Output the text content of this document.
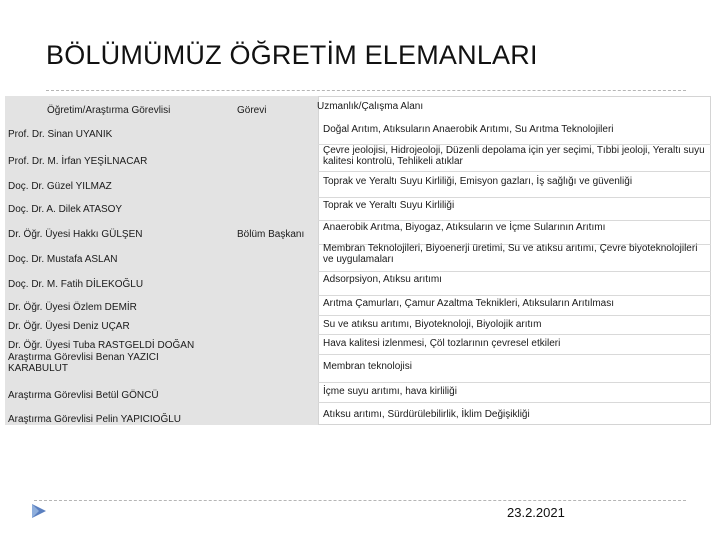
BÖLÜMÜMÜZ ÖĞRETİM ELEMANLARI
Öğretim/Araştırma Görevlisi	Görevi	Uzmanlık/Çalışma Alanı
Prof. Dr. Sinan UYANIK
Prof. Dr. M. İrfan YEŞİLNACAR
Doç. Dr. Güzel YILMAZ
Doç. Dr. A. Dilek ATASOY
Dr. Öğr. Üyesi Hakkı GÜLŞEN
Doç. Dr. Mustafa ASLAN
Doç. Dr. M. Fatih DİLEKOĞLU
Dr. Öğr. Üyesi Özlem DEMİR
Dr. Öğr. Üyesi Deniz UÇAR
Dr. Öğr. Üyesi Tuba RASTGELDİ DOĞAN
Araştırma Görevlisi Benan YAZICI KARABULUT
Araştırma Görevlisi Betül GÖNCÜ
Araştırma Görevlisi Pelin YAPICIOĞLU
Bölüm Başkanı
Doğal Arıtım, Atıksuların Anaerobik Arıtımı, Su Arıtma Teknolojileri
Çevre jeolojisi, Hidrojeoloji, Düzenli depolama için yer seçimi, Tıbbi jeoloji, Yeraltı suyu kalitesi kontrolü, Tehlikeli atıklar
Toprak ve Yeraltı Suyu Kirliliği, Emisyon gazları, İş sağlığı ve güvenliği
Toprak ve Yeraltı Suyu Kirliliği
Anaerobik Arıtma, Biyogaz, Atıksuların ve İçme Sularının Arıtımı
Membran Teknolojileri, Biyoenerji üretimi, Su ve atıksu arıtımı, Çevre biyoteknolojileri ve uygulamaları
Adsorpsiyon, Atıksu arıtımı
Arıtma Çamurları, Çamur Azaltma Teknikleri, Atıksuların Arıtılması
Su ve atıksu arıtımı, Biyoteknoloji, Biyolojik arıtım
Hava kalitesi izlenmesi, Çöl tozlarının çevresel etkileri
Membran teknolojisi
İçme suyu arıtımı, hava kirliliği
Atıksu arıtımı, Sürdürülebilirlik, İklim Değişikliği
23.2.2021
